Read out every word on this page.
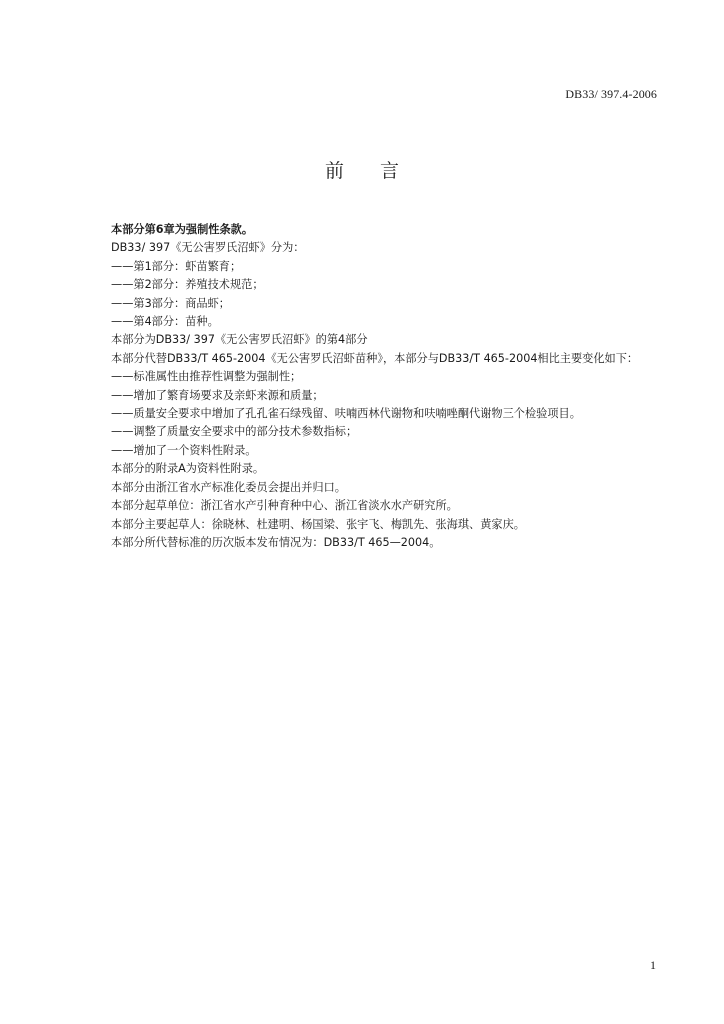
DB33/ 397.4-2006
前 言

本部分第6章为强制性条款。

DB33/ 397《无公害罗氏沼虾》分为：

——第1部分：虾苗繁育；

——第2部分：养殖技术规范；

——第3部分：商品虾；

——第4部分：苗种。

本部分为DB33/ 397《无公害罗氏沼虾》的第4部分

本部分代替DB33/T 465-2004《无公害罗氏沼虾苗种》，本部分与DB33/T 465-2004相比主要变化如下：

——标准属性由推荐性调整为强制性；

——增加了繁育场要求及亲虾来源和质量；

——质量安全要求中增加了孔孔雀石绿残留、呋喃西林代谢物和呋喃唑酮代谢物三个检验项目。

——调整了质量安全要求中的部分技术参数指标；

——增加了一个资料性附录。

本部分的附录A为资料性附录。

本部分由浙江省水产标准化委员会提出并归口。

本部分起草单位：浙江省水产引种育种中心、浙江省淡水水产研究所。

本部分主要起草人：徐晓林、杜建明、杨国梁、张宇飞、梅凯先、张海琪、黄家庆。

本部分所代替标准的历次版本发布情况为：DB33/T 465—2004。

1
